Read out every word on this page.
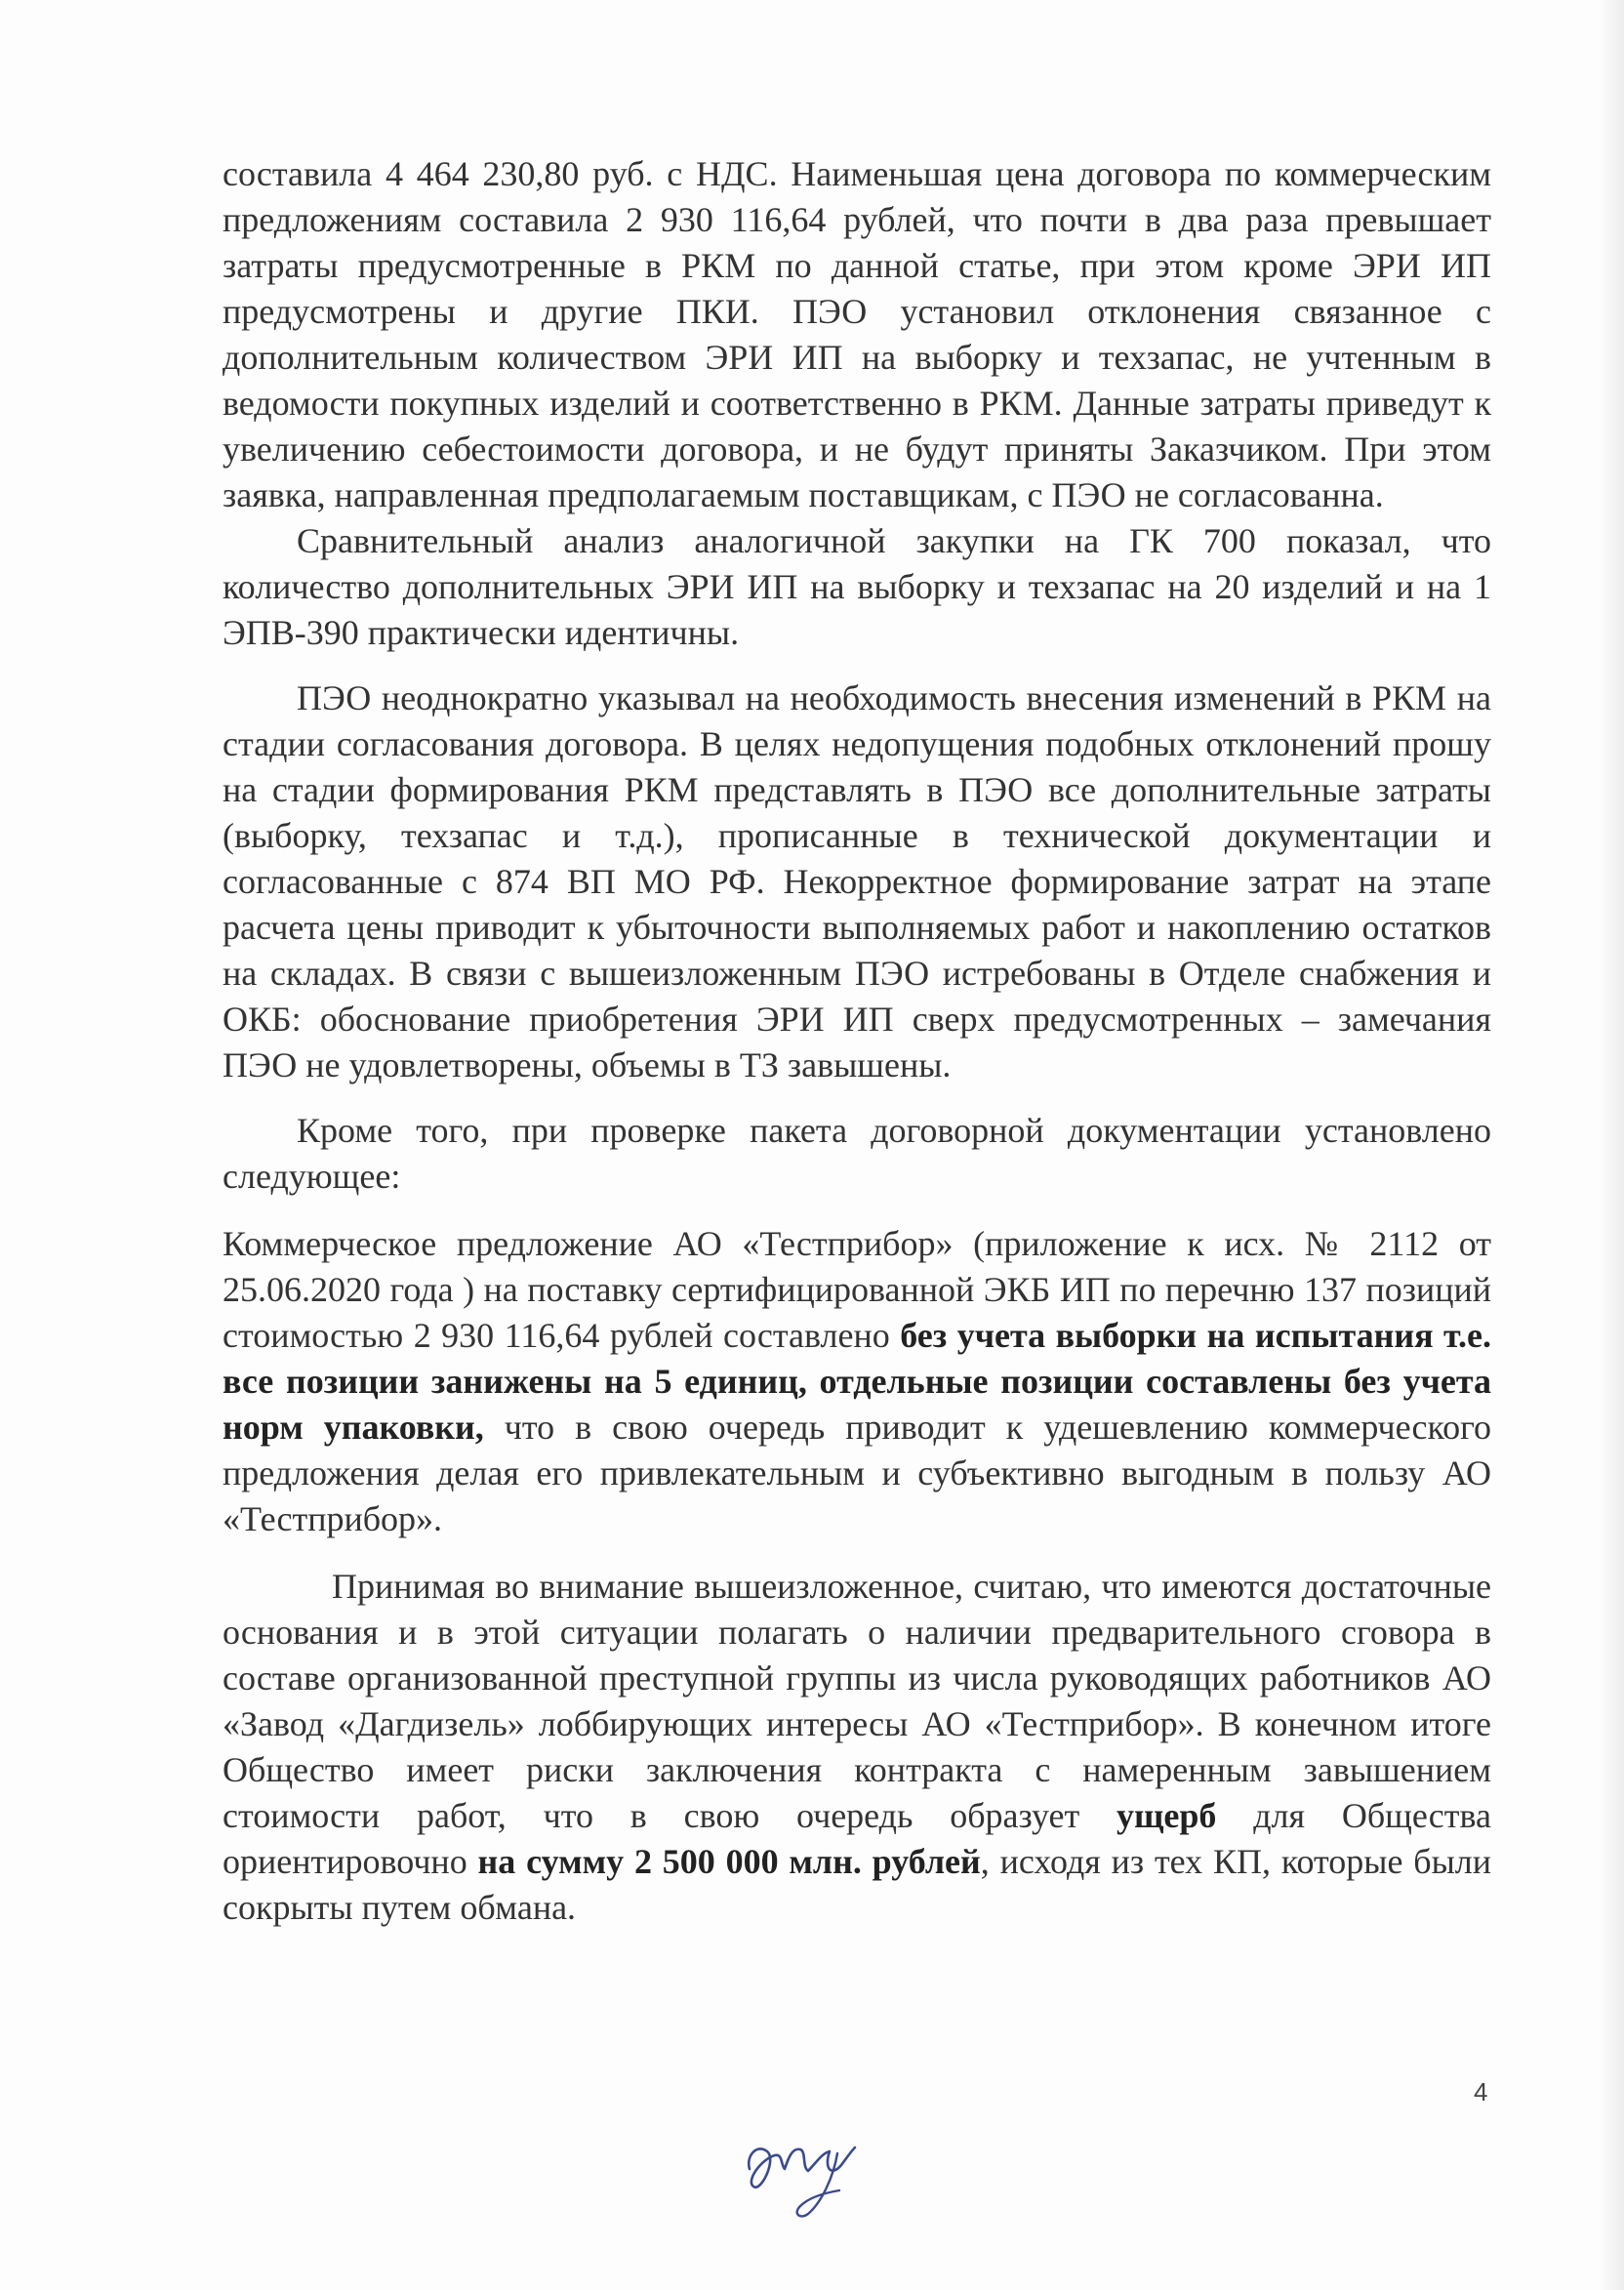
составила 4 464 230,80 руб. с НДС. Наименьшая цена договора по коммерческим предложениям составила 2 930 116,64 рублей, что почти в два раза превышает затраты предусмотренные в РКМ по данной статье, при этом кроме ЭРИ ИП предусмотрены и другие ПКИ. ПЭО установил отклонения связанное с дополнительным количеством ЭРИ ИП на выборку и техзапас, не учтенным в ведомости покупных изделий и соответственно в РКМ. Данные затраты приведут к увеличению себестоимости договора, и не будут приняты Заказчиком. При этом заявка, направленная предполагаемым поставщикам, с ПЭО не согласованна.

Сравнительный анализ аналогичной закупки на ГК 700 показал, что количество дополнительных ЭРИ ИП на выборку и техзапас на 20 изделий и на 1 ЭПВ-390 практически идентичны.

ПЭО неоднократно указывал на необходимость внесения изменений в РКМ на стадии согласования договора. В целях недопущения подобных отклонений прошу на стадии формирования РКМ представлять в ПЭО все дополнительные затраты (выборку, техзапас и т.д.), прописанные в технической документации и согласованные с 874 ВП МО РФ. Некорректное формирование затрат на этапе расчета цены приводит к убыточности выполняемых работ и накоплению остатков на складах. В связи с вышеизложенным ПЭО истребованы в Отделе снабжения и ОКБ: обоснование приобретения ЭРИ ИП сверх предусмотренных – замечания ПЭО не удовлетворены, объемы в ТЗ завышены.

Кроме того, при проверке пакета договорной документации установлено следующее:

Коммерческое предложение АО «Тестприбор» (приложение к исх. № 2112 от 25.06.2020 года ) на поставку сертифицированной ЭКБ ИП по перечню 137 позиций стоимостью 2 930 116,64 рублей составлено без учета выборки на испытания т.е. все позиции занижены на 5 единиц, отдельные позиции составлены без учета норм упаковки, что в свою очередь приводит к удешевлению коммерческого предложения делая его привлекательным и субъективно выгодным в пользу АО «Тестприбор».

Принимая во внимание вышеизложенное, считаю, что имеются достаточные основания и в этой ситуации полагать о наличии предварительного сговора в составе организованной преступной группы из числа руководящих работников АО «Завод «Дагдизель» лоббирующих интересы АО «Тестприбор». В конечном итоге Общество имеет риски заключения контракта с намеренным завышением стоимости работ, что в свою очередь образует ущерб для Общества ориентировочно на сумму 2 500 000 млн. рублей, исходя из тех КП, которые были сокрыты путем обмана.

4
